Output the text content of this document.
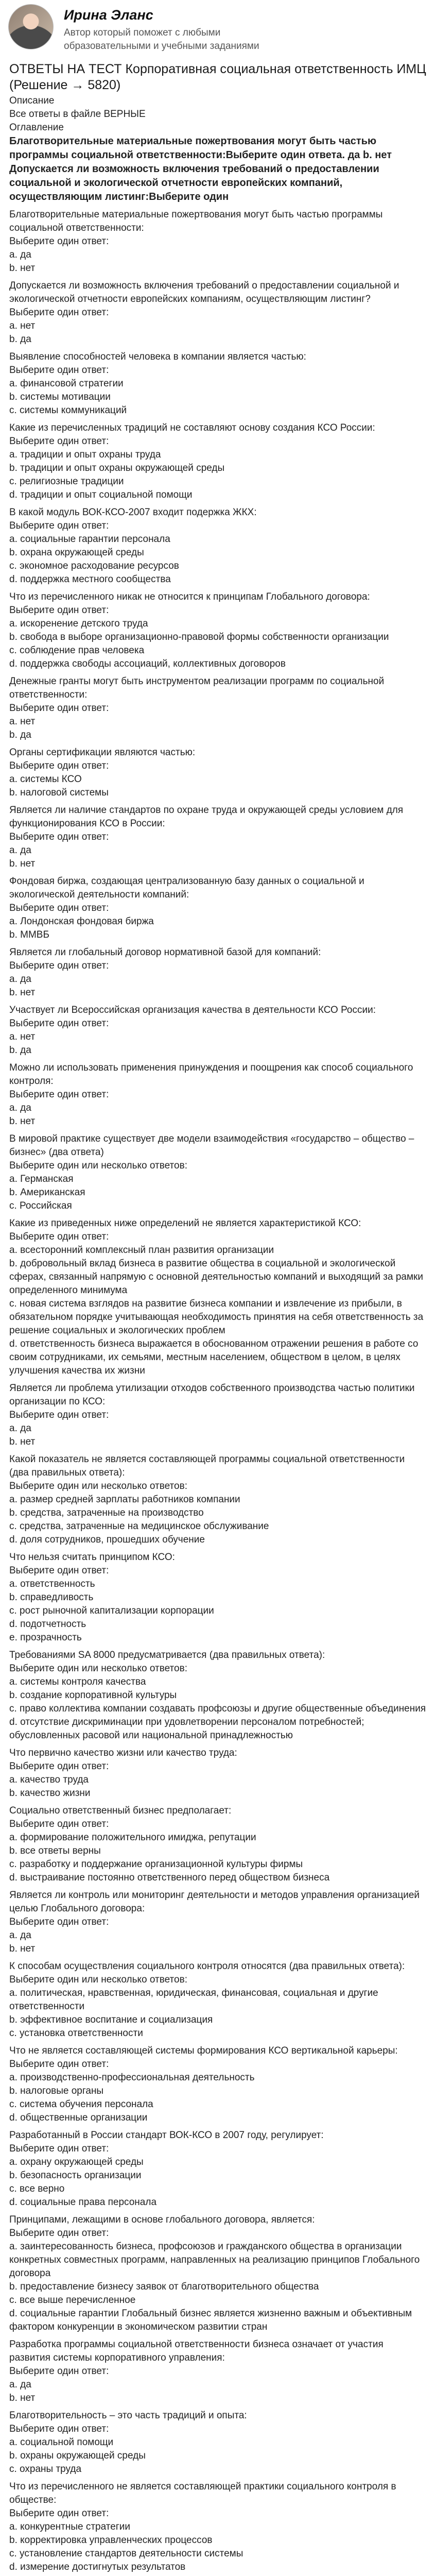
Ирина Эланс
Автор который поможет с любыми образовательными и учебными заданиями
ОТВЕТЫ НА ТЕСТ Корпоративная социальная ответственность ИМЦ (Решение → 5820)
Описание
Все ответы в файле ВЕРНЫЕ
Оглавление
Благотворительные материальные пожертвования могут быть частью программы социальной ответственности:Выберите один ответа. да b. нет Допускается ли возможность включения требований о предоставлении социальной и экологической отчетности европейских компаний, осуществляющим листинг:Выберите один
Благотворительные материальные пожертвования могут быть частью программы социальной ответственности:
Выберите один ответ:
a. да
b. нет
Допускается ли возможность включения требований о предоставлении социальной и экологической отчетности европейских компаниям, осуществляющим листинг?
Выберите один ответ:
a. нет
b. да
Выявление способностей человека в компании является частью:
Выберите один ответ:
a. финансовой стратегии
b. системы мотивации
c. системы коммуникаций
Какие из перечисленных традиций не составляют основу создания КСО России:
Выберите один ответ:
a. традиции и опыт охраны труда
b. традиции и опыт охраны окружающей среды
c. религиозные традиции
d. традиции и опыт социальной помощи
В какой модуль ВОК-КСО-2007 входит подержка ЖКХ:
Выберите один ответ:
a. социальные гарантии персонала
b. охрана окружающей среды
c. экономное расходование ресурсов
d. поддержка местного сообщества
Что из перечисленного никак не относится к принципам Глобального договора:
Выберите один ответ:
a. искоренение детского труда
b. свобода в выборе организационно-правовой формы собственности организации
c. соблюдение прав человека
d. поддержка свободы ассоциаций, коллективных договоров
Денежные гранты могут быть инструментом реализации программ по социальной ответственности:
Выберите один ответ:
a. нет
b. да
Органы сертификации являются частью:
Выберите один ответ:
a. системы КСО
b. налоговой системы
Является ли наличие стандартов по охране труда и окружающей среды условием для функционирования КСО в России:
Выберите один ответ:
a. да
b. нет
Фондовая биржа, создающая централизованную базу данных о социальной и экологической деятельности компаний:
Выберите один ответ:
a. Лондонская фондовая биржа
b. ММВБ
Является ли глобальный договор нормативной базой для компаний:
Выберите один ответ:
a. да
b. нет
Участвует ли Всероссийская организация качества в деятельности КСО России:
Выберите один ответ:
a. нет
b. да
Можно ли использовать применения принуждения и поощрения как способ социального контроля:
Выберите один ответ:
a. да
b. нет
В мировой практике существует две модели взаимодействия «государство – общество – бизнес» (два ответа)
Выберите один или несколько ответов:
a. Германская
b. Американская
c. Российская
Какие из приведенных ниже определений не является характеристикой КСО:
Выберите один ответ:
a. всесторонний комплексный план развития организации
b. добровольный вклад бизнеса в развитие общества в социальной и экологической сферах, связанный напрямую с основной деятельностью компаний и выходящий за рамки определенного минимума
c. новая система взглядов на развитие бизнеса компании и извлечение из прибыли, в обязательном порядке учитывающая необходимость принятия на себя ответственность за решение социальных и экологических проблем
d. ответственность бизнеса выражается в обоснованном отражении решения в работе со своим сотрудниками, их семьями, местным населением, обществом в целом, в целях улучшения качества их жизни
Является ли проблема утилизации отходов собственного производства частью политики организации по КСО:
Выберите один ответ:
a. да
b. нет
Какой показатель не является составляющей программы социальной ответственности (два правильных ответа):
Выберите один или несколько ответов:
a. размер средней зарплаты работников компании
b. средства, затраченные на производство
c. средства, затраченные на медицинское обслуживание
d. доля сотрудников, прошедших обучение
Что нельзя считать принципом КСО:
Выберите один ответ:
a. ответственность
b. справедливость
c. рост рыночной капитализации корпорации
d. подотчетность
e. прозрачность
Требованиями SA 8000 предусматривается (два правильных ответа):
Выберите один или несколько ответов:
a. системы контроля качества
b. создание корпоративной культуры
c. право коллектива компании создавать профсоюзы и другие общественные объединения
d. отсутствие дискриминации при удовлетворении персоналом потребностей; обусловленных расовой или национальной принадлежностью
Что первично качество жизни или качество труда:
Выберите один ответ:
a. качество труда
b. качество жизни
Социально ответственный бизнес предполагает:
Выберите один ответ:
a. формирование положительного имиджа, репутации
b. все ответы верны
c. разработку и поддержание организационной культуры фирмы
d. выстраивание постоянно ответственного перед обществом бизнеса
Является ли контроль или мониторинг деятельности и методов управления организацией целью Глобального договора:
Выберите один ответ:
a. да
b. нет
К способам осуществления социального контроля относятся (два правильных ответа):
Выберите один или несколько ответов:
a. политическая, нравственная, юридическая, финансовая, социальная и другие ответственности
b. эффективное воспитание и социализация
c. установка ответственности
Что не является составляющей системы формирования КСО вертикальной карьеры:
Выберите один ответ:
a. производственно-профессиональная деятельность
b. налоговые органы
c. система обучения персонала
d. общественные организации
Разработанный в России стандарт ВОК-КСО в 2007 году, регулирует:
Выберите один ответ:
a. охрану окружающей среды
b. безопасность организации
c. все верно
d. социальные права персонала
Принципами, лежащими в основе глобального договора, является:
Выберите один ответ:
a. заинтересованность бизнеса, профсоюзов и гражданского общества в организации конкретных совместных программ, направленных на реализацию принципов Глобального договора
b. предоставление бизнесу заявок от благотворительного общества
c. все выше перечисленное
d. социальные гарантии Глобальный бизнес является жизненно важным и объективным фактором конкуренции в экономическом развитии стран
Разработка программы социальной ответственности бизнеса означает от участия развития системы корпоративного управления:
Выберите один ответ:
a. да
b. нет
Благотворительность – это часть традиций и опыта:
Выберите один ответ:
a. социальной помощи
b. охраны окружающей среды
c. охраны труда
Что из перечисленного не является составляющей практики социального контроля в обществе:
Выберите один ответ:
a. конкурентные стратегии
b. корректировка управленческих процессов
c. установление стандартов деятельности системы
d. измерение достигнутых результатов
